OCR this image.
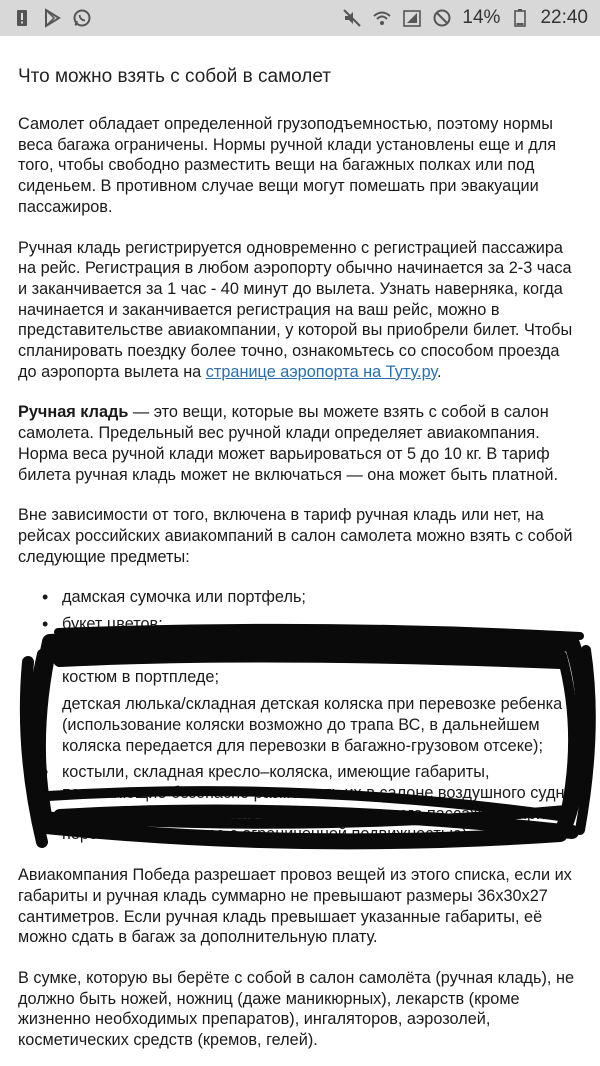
14% 22:40
Что можно взять с собой в самолет

Самолет обладает определенной грузоподъемностью, поэтому нормы веса багажа ограничены. Нормы ручной клади установлены еще и для того, чтобы свободно разместить вещи на багажных полках или под сиденьем. В противном случае вещи могут помешать при эвакуации пассажиров.

Ручная кладь регистрируется одновременно с регистрацией пассажира на рейс. Регистрация в любом аэропорту обычно начинается за 2-3 часа и заканчивается за 1 час - 40 минут до вылета. Узнать наверняка, когда начинается и заканчивается регистрация на ваш рейс, можно в представительстве авиакомпании, у которой вы приобрели билет. Чтобы спланировать поездку более точно, ознакомьтесь со способом проезда до аэропорта вылета на странице аэропорта на Туту.ру.

Ручная кладь — это вещи, которые вы можете взять с собой в салон самолета. Предельный вес ручной клади определяет авиакомпания. Норма веса ручной клади может варьироваться от 5 до 10 кг. В тариф билета ручная кладь может не включаться — она может быть платной.

Вне зависимости от того, включена в тариф ручная кладь или нет, на рейсах российских авиакомпаний в салон самолета можно взять с собой следующие предметы:

• дамская сумочка или портфель;
• букет цветов;
• верхняя одежда;
• костюм в портпледе;
• детская люлька/складная детская коляска при перевозке ребенка (использование коляски возможно до трапа ВС, в дальнейшем коляска передается для перевозки в багажно-грузовом отсеке);
• костыли, складная кресло–коляска, имеющие габариты, позволяющие безопасно разместить их в салоне воздушного судна на полках или под сиденьем впереди сидящего пассажира (при перевозке пассажира с ограниченной подвижностью).

Авиакомпания Победа разрешает провоз вещей из этого списка, если их габариты и ручная кладь суммарно не превышают размеры 36х30х27 сантиметров. Если ручная кладь превышает указанные габариты, её можно сдать в багаж за дополнительную плату.

В сумке, которую вы берёте с собой в салон самолёта (ручная кладь), не должно быть ножей, ножниц (даже маникюрных), лекарств (кроме жизненно необходимых препаратов), ингаляторов, аэрозолей, косметических средств (кремов, гелей).
